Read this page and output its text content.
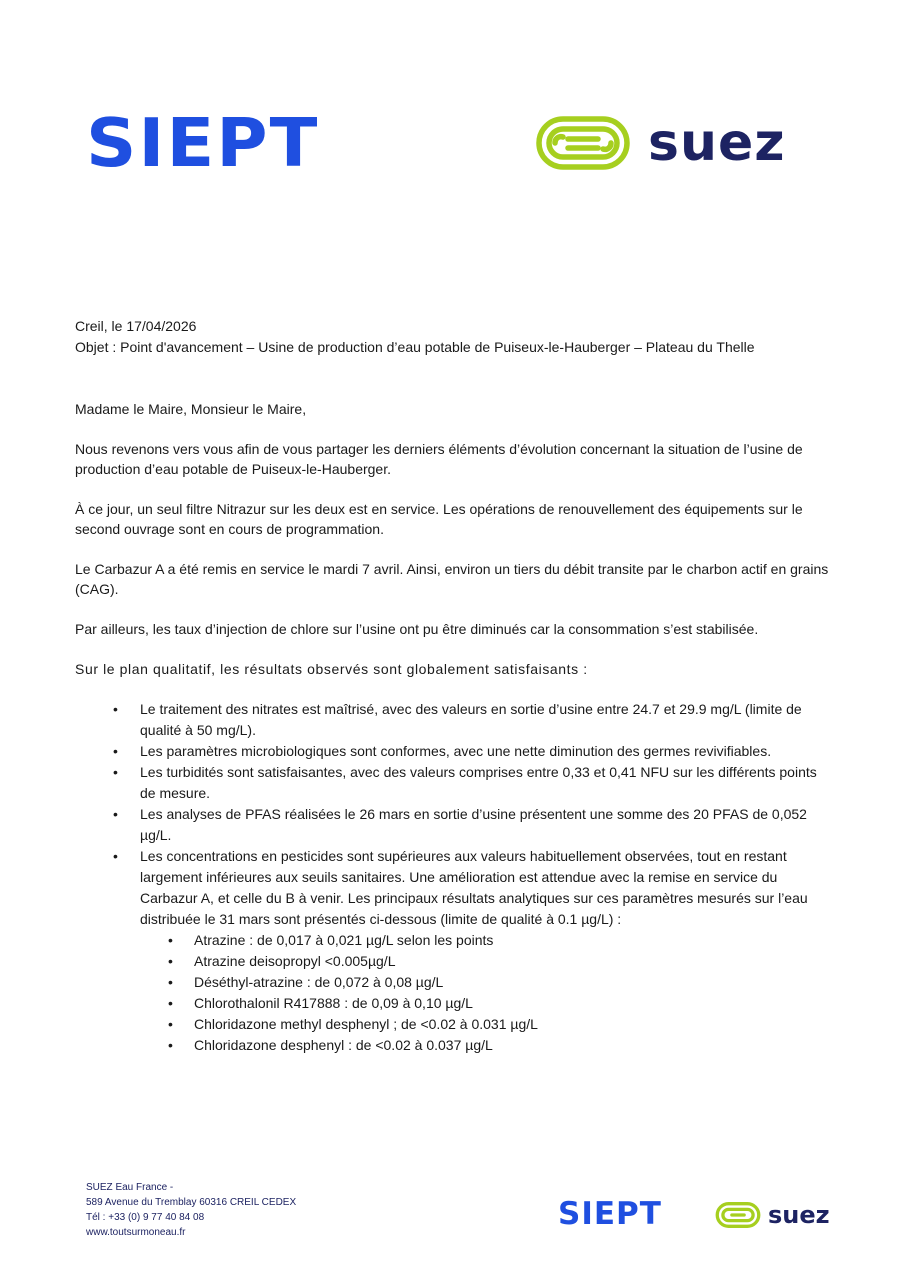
SIEPT	suez
Creil, le 17/04/2026
Objet : Point d'avancement – Usine de production d’eau potable de Puiseux-le-Hauberger – Plateau du Thelle

Madame le Maire, Monsieur le Maire,

Nous revenons vers vous afin de vous partager les derniers éléments d’évolution concernant la situation de l’usine de production d’eau potable de Puiseux-le-Hauberger.

À ce jour, un seul filtre Nitrazur sur les deux est en service. Les opérations de renouvellement des équipements sur le second ouvrage sont en cours de programmation.

Le Carbazur A a été remis en service le mardi 7 avril. Ainsi, environ un tiers du débit transite par le charbon actif en grains (CAG).

Par ailleurs, les taux d’injection de chlore sur l’usine ont pu être diminués car la consommation s’est stabilisée.

Sur le plan qualitatif, les résultats observés sont globalement satisfaisants :

• Le traitement des nitrates est maîtrisé, avec des valeurs en sortie d’usine entre 24.7 et 29.9 mg/L (limite de qualité à 50 mg/L).
• Les paramètres microbiologiques sont conformes, avec une nette diminution des germes revivifiables.
• Les turbidités sont satisfaisantes, avec des valeurs comprises entre 0,33 et 0,41 NFU sur les différents points de mesure.
• Les analyses de PFAS réalisées le 26 mars en sortie d’usine présentent une somme des 20 PFAS de 0,052 µg/L.
• Les concentrations en pesticides sont supérieures aux valeurs habituellement observées, tout en restant largement inférieures aux seuils sanitaires. Une amélioration est attendue avec la remise en service du Carbazur A, et celle du B à venir. Les principaux résultats analytiques sur ces paramètres mesurés sur l’eau distribuée le 31 mars sont présentés ci-dessous (limite de qualité à 0.1 µg/L) :
• Atrazine : de 0,017 à 0,021 µg/L selon les points
• Atrazine deisopropyl <0.005µg/L
• Déséthyl-atrazine : de 0,072 à 0,08 µg/L
• Chlorothalonil R417888 : de 0,09 à 0,10 µg/L
• Chloridazone methyl desphenyl ; de <0.02 à 0.031 µg/L
• Chloridazone desphenyl : de <0.02 à 0.037 µg/L
SUEZ Eau France -
589 Avenue du Tremblay 60316 CREIL CEDEX
Tél : +33 (0) 9 77 40 84 08
www.toutsurmoneau.fr
SIEPT	suez
